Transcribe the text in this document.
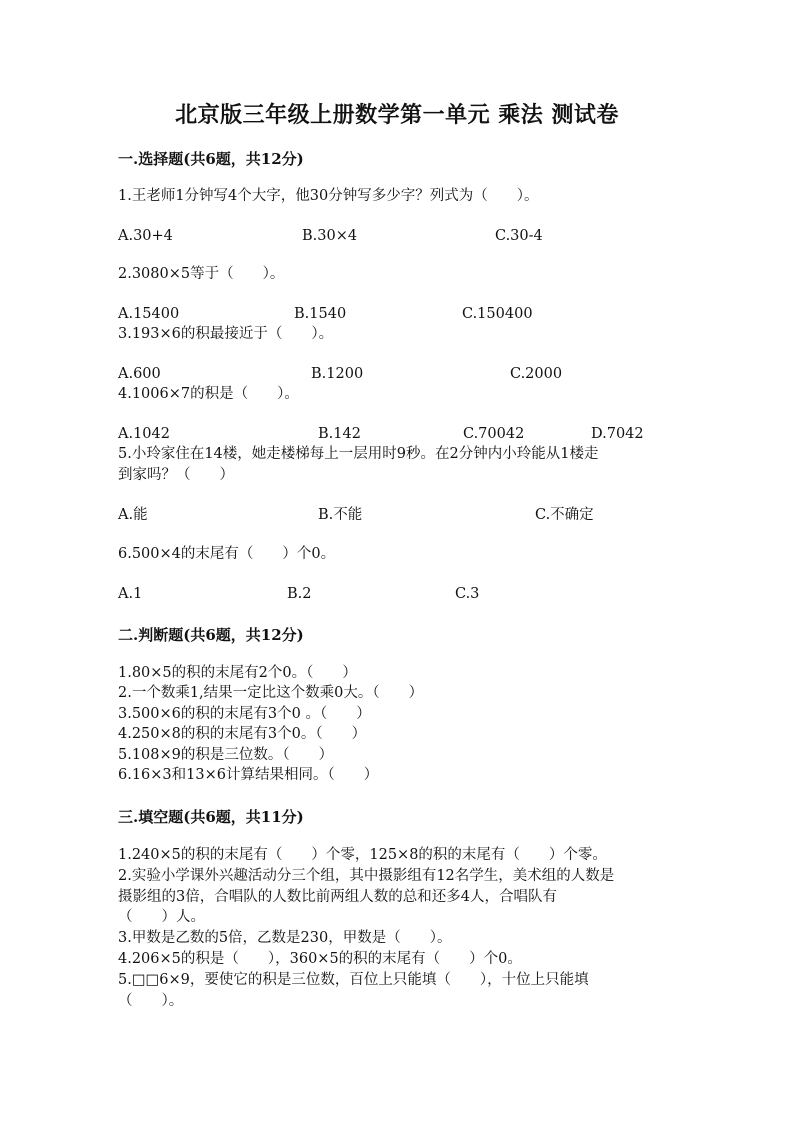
北京版三年级上册数学第一单元 乘法 测试卷
一.选择题(共6题，共12分)
1.王老师1分钟写4个大字，他30分钟写多少字？列式为（　　）。
A.30+4	B.30×4	C.30-4
2.3080×5等于（　　）。
A.15400	B.1540	C.150400
3.193×6的积最接近于（　　）。
A.600	B.1200	C.2000
4.1006×7的积是（　　）。
A.1042	B.142	C.70042	D.7042
5.小玲家住在14楼，她走楼梯每上一层用时9秒。在2分钟内小玲能从1楼走
到家吗？（　　）
A.能	B.不能	C.不确定
6.500×4的末尾有（　　）个0。
A.1	B.2	C.3
二.判断题(共6题，共12分)
1.80×5的积的末尾有2个0。（　　）
2.一个数乘1,结果一定比这个数乘0大。（　　）
3.500×6的积的末尾有3个0 。（　　）
4.250×8的积的末尾有3个0。（　　）
5.108×9的积是三位数。（　　）
6.16×3和13×6计算结果相同。（　　）
三.填空题(共6题，共11分)
1.240×5的积的末尾有（　　）个零，125×8的积的末尾有（　　）个零。
2.实验小学课外兴趣活动分三个组，其中摄影组有12名学生，美术组的人数是
摄影组的3倍，合唱队的人数比前两组人数的总和还多4人，合唱队有
（　　）人。
3.甲数是乙数的5倍，乙数是230，甲数是（　　）。
4.206×5的积是（　　），360×5的积的末尾有（　　）个0。
5.□□6×9，要使它的积是三位数，百位上只能填（　　），十位上只能填
（　　）。
